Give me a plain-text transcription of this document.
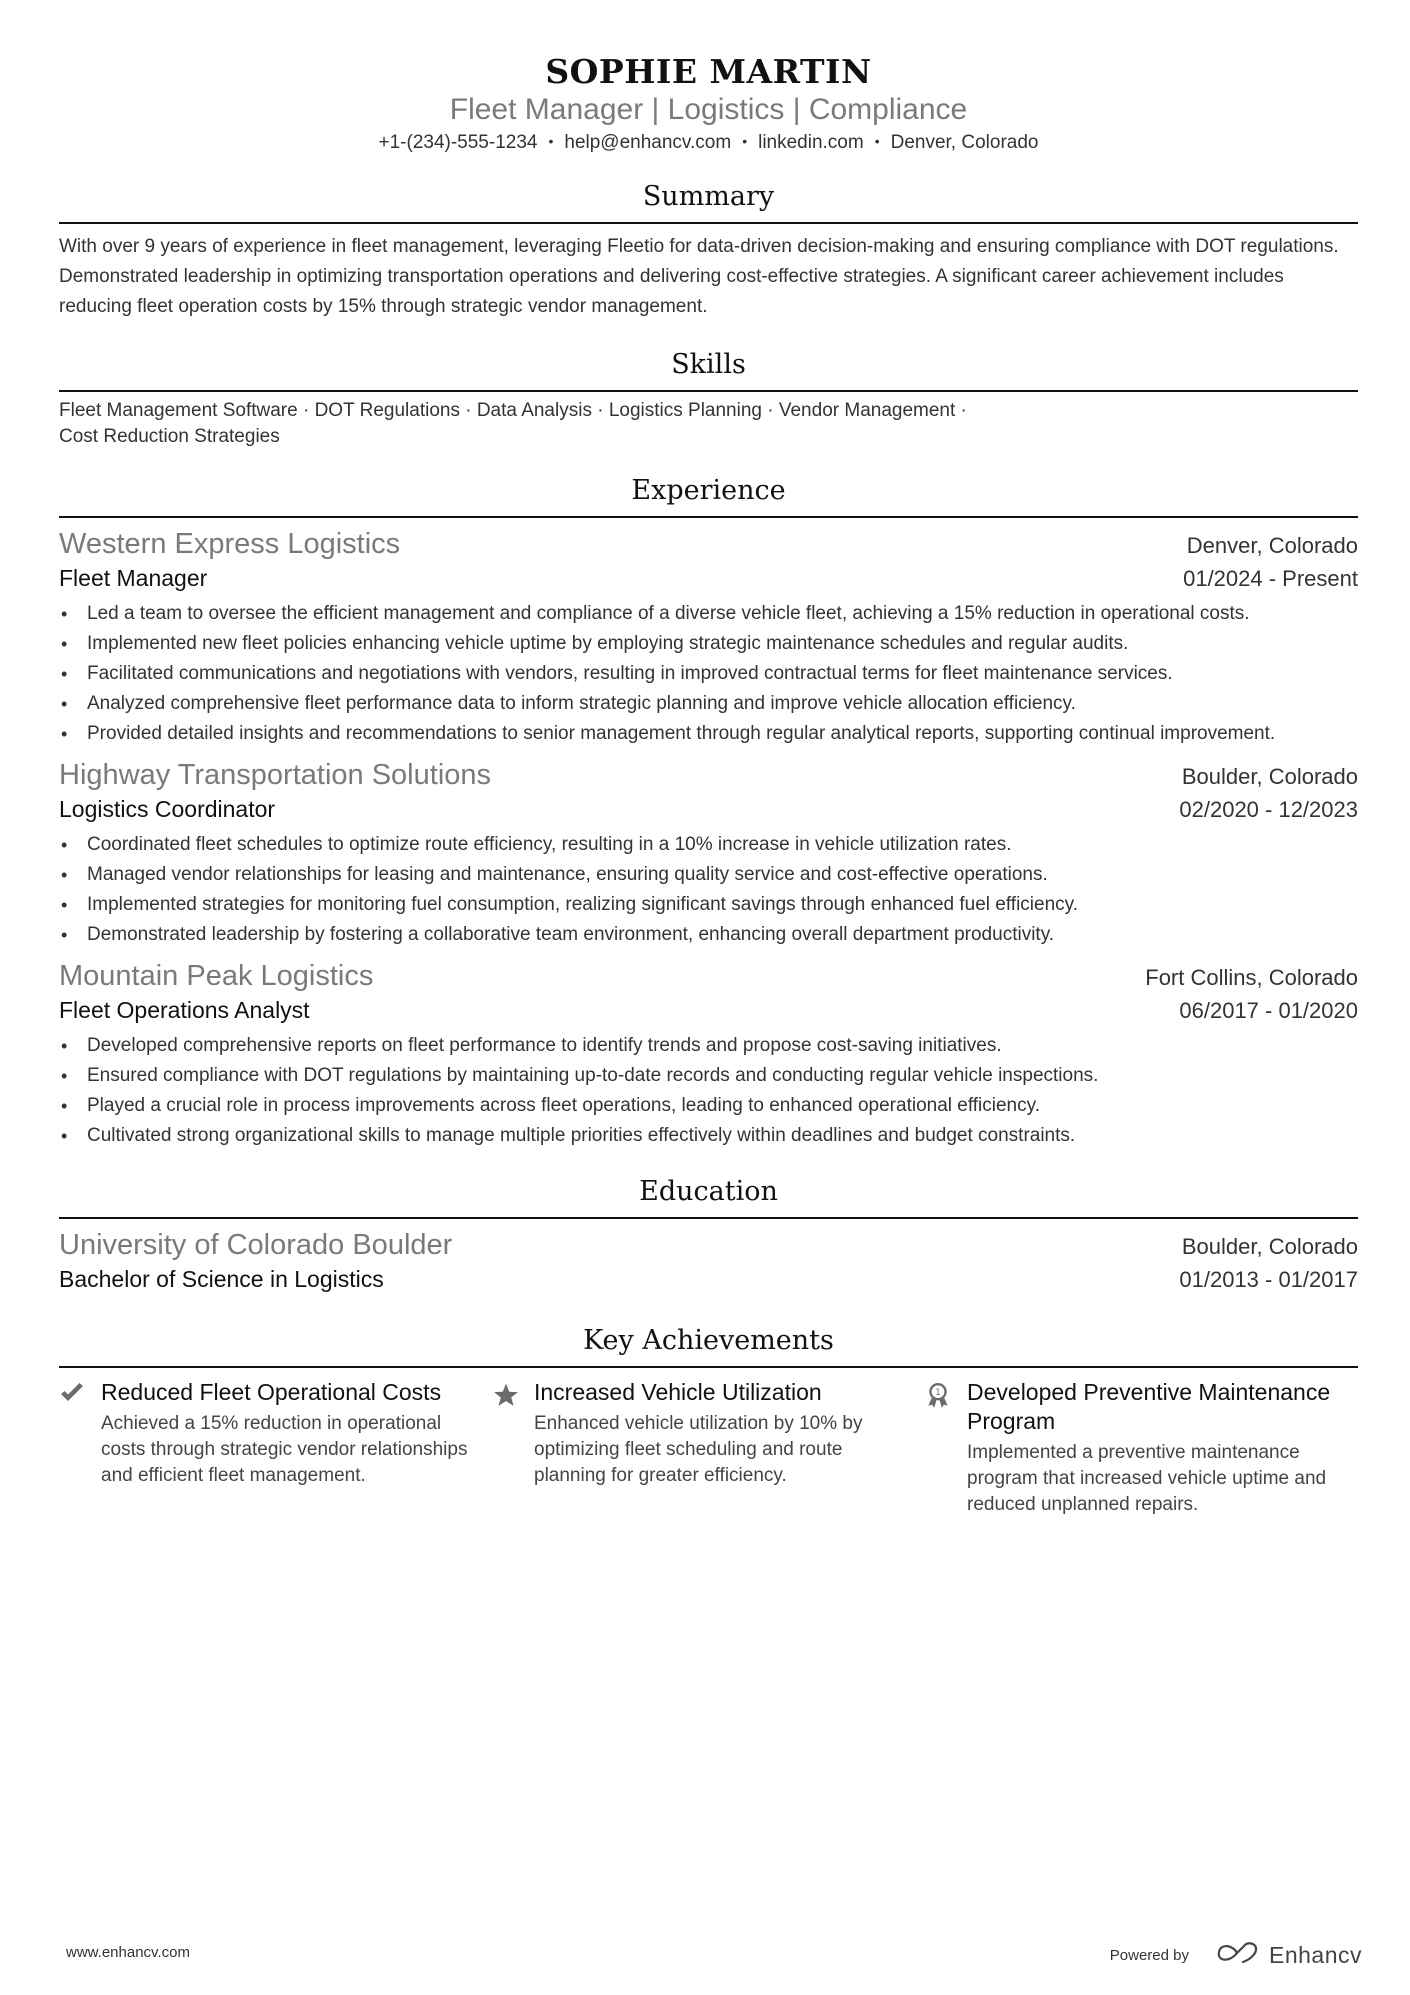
SOPHIE MARTIN
Fleet Manager | Logistics | Compliance
+1-(234)-555-1234 • help@enhancv.com • linkedin.com • Denver, Colorado
Summary
With over 9 years of experience in fleet management, leveraging Fleetio for data-driven decision-making and ensuring compliance with DOT regulations. Demonstrated leadership in optimizing transportation operations and delivering cost-effective strategies. A significant career achievement includes reducing fleet operation costs by 15% through strategic vendor management.
Skills
Fleet Management Software · DOT Regulations · Data Analysis · Logistics Planning · Vendor Management ·
Cost Reduction Strategies
Experience
Western Express Logistics	Denver, Colorado
Fleet Manager	01/2024 - Present
• Led a team to oversee the efficient management and compliance of a diverse vehicle fleet, achieving a 15% reduction in operational costs.
• Implemented new fleet policies enhancing vehicle uptime by employing strategic maintenance schedules and regular audits.
• Facilitated communications and negotiations with vendors, resulting in improved contractual terms for fleet maintenance services.
• Analyzed comprehensive fleet performance data to inform strategic planning and improve vehicle allocation efficiency.
• Provided detailed insights and recommendations to senior management through regular analytical reports, supporting continual improvement.
Highway Transportation Solutions	Boulder, Colorado
Logistics Coordinator	02/2020 - 12/2023
• Coordinated fleet schedules to optimize route efficiency, resulting in a 10% increase in vehicle utilization rates.
• Managed vendor relationships for leasing and maintenance, ensuring quality service and cost-effective operations.
• Implemented strategies for monitoring fuel consumption, realizing significant savings through enhanced fuel efficiency.
• Demonstrated leadership by fostering a collaborative team environment, enhancing overall department productivity.
Mountain Peak Logistics	Fort Collins, Colorado
Fleet Operations Analyst	06/2017 - 01/2020
• Developed comprehensive reports on fleet performance to identify trends and propose cost-saving initiatives.
• Ensured compliance with DOT regulations by maintaining up-to-date records and conducting regular vehicle inspections.
• Played a crucial role in process improvements across fleet operations, leading to enhanced operational efficiency.
• Cultivated strong organizational skills to manage multiple priorities effectively within deadlines and budget constraints.
Education
University of Colorado Boulder	Boulder, Colorado
Bachelor of Science in Logistics	01/2013 - 01/2017
Key Achievements
Reduced Fleet Operational Costs
Achieved a 15% reduction in operational costs through strategic vendor relationships and efficient fleet management.
Increased Vehicle Utilization
Enhanced vehicle utilization by 10% by optimizing fleet scheduling and route planning for greater efficiency.
1 Developed Preventive Maintenance Program
Implemented a preventive maintenance program that increased vehicle uptime and reduced unplanned repairs.
www.enhancv.com	Powered by	Enhancv
